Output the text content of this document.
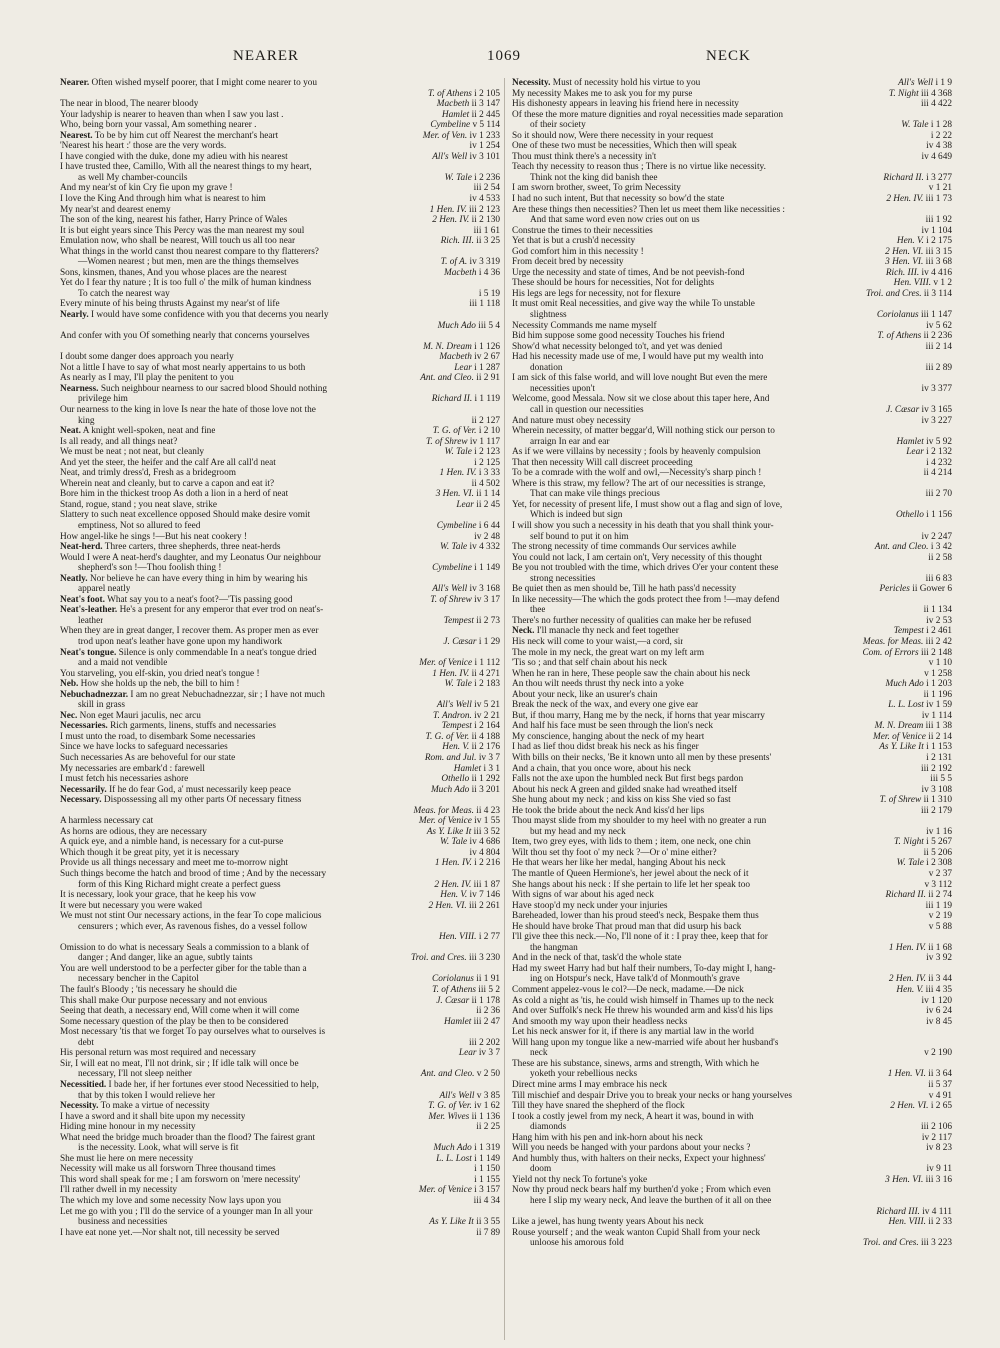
NEARER	1069	NECK
Nearer. Often wished myself poorer, that I might come nearer to you
T. of Athens i 2 105
The near in blood, The nearer bloody	Macbeth ii 3 147
Your ladyship is nearer to heaven than when I saw you last .	Hamlet ii 2 445
Who, being born your vassal, Am something nearer .	Cymbeline v 5 114
Nearest. To be by him cut off Nearest the merchant's heart	Mer. of Ven. iv 1 233
'Nearest his heart :' those are the very words.	iv 1 254
I have congied with the duke, done my adieu with his nearest	All's Well iv 3 101
I have trusted thee, Camillo, With all the nearest things to my heart,
as well My chamber-councils	W. Tale i 2 236
And my near'st of kin Cry fie upon my grave !	iii 2 54
I love the King And through him what is nearest to him	iv 4 533
My near'st and dearest enemy	1 Hen. IV. iii 2 123
The son of the king, nearest his father, Harry Prince of Wales	2 Hen. IV. ii 2 130
It is but eight years since This Percy was the man nearest my soul	iii 1 61
Emulation now, who shall be nearest, Will touch us all too near	Rich. III. ii 3 25
What things in the world canst thou nearest compare to thy flatterers?
—Women nearest ; but men, men are the things themselves	T. of A. iv 3 319
Sons, kinsmen, thanes, And you whose places are the nearest	Macbeth i 4 36
Yet do I fear thy nature ; It is too full o' the milk of human kindness
To catch the nearest way	i 5 19
Every minute of his being thrusts Against my near'st of life	iii 1 118
Nearly. I would have some confidence with you that decerns you nearly
Much Ado iii 5 4
And confer with you Of something nearly that concerns yourselves
M. N. Dream i 1 126
I doubt some danger does approach you nearly	Macbeth iv 2 67
Not a little I have to say of what most nearly appertains to us both	Lear i 1 287
As nearly as I may, I'll play the penitent to you	Ant. and Cleo. ii 2 91
Nearness. Such neighbour nearness to our sacred blood Should nothing
privilege him	Richard II. i 1 119
Our nearness to the king in love Is near the hate of those love not the
king	ii 2 127
Neat. A knight well-spoken, neat and fine	T. G. of Ver. i 2 10
Is all ready, and all things neat?	T. of Shrew iv 1 117
We must be neat ; not neat, but cleanly	W. Tale i 2 123
And yet the steer, the heifer and the calf Are all call'd neat	i 2 125
Neat, and trimly dress'd, Fresh as a bridegroom	1 Hen. IV. i 3 33
Wherein neat and cleanly, but to carve a capon and eat it?	ii 4 502
Bore him in the thickest troop As doth a lion in a herd of neat	3 Hen. VI. ii 1 14
Stand, rogue, stand ; you neat slave, strike	Lear ii 2 45
Slattery to such neat excellence opposed Should make desire vomit
emptiness, Not so allured to feed	Cymbeline i 6 44
How angel-like he sings !—But his neat cookery !	iv 2 48
Neat-herd. Three carters, three shepherds, three neat-herds	W. Tale iv 4 332
Would I were A neat-herd's daughter, and my Leonatus Our neighbour
shepherd's son !—Thou foolish thing !	Cymbeline i 1 149
Neatly. Nor believe he can have every thing in him by wearing his
apparel neatly	All's Well iv 3 168
Neat's foot. What say you to a neat's foot?—'Tis passing good	T. of Shrew iv 3 17
Neat's-leather. He's a present for any emperor that ever trod on neat's-
leather	Tempest ii 2 73
When they are in great danger, I recover them. As proper men as ever
trod upon neat's leather have gone upon my handiwork	J. Cæsar i 1 29
Neat's tongue. Silence is only commendable In a neat's tongue dried
and a maid not vendible	Mer. of Venice i 1 112
You starveling, you elf-skin, you dried neat's tongue !	1 Hen. IV. ii 4 271
Neb. How she holds up the neb, the bill to him !	W. Tale i 2 183
Nebuchadnezzar. I am no great Nebuchadnezzar, sir ; I have not much
skill in grass	All's Well iv 5 21
Nec. Non eget Mauri jaculis, nec arcu	T. Andron. iv 2 21
Necessaries. Rich garments, linens, stuffs and necessaries	Tempest i 2 164
I must unto the road, to disembark Some necessaries	T. G. of Ver. ii 4 188
Since we have locks to safeguard necessaries	Hen. V. ii 2 176
Such necessaries As are behoveful for our state	Rom. and Jul. iv 3 7
My necessaries are embark'd : farewell	Hamlet i 3 1
I must fetch his necessaries ashore	Othello ii 1 292
Necessarily. If he do fear God, a' must necessarily keep peace	Much Ado ii 3 201
Necessary. Dispossessing all my other parts Of necessary fitness
Meas. for Meas. ii 4 23
A harmless necessary cat	Mer. of Venice iv 1 55
As horns are odious, they are necessary	As Y. Like It iii 3 52
A quick eye, and a nimble hand, is necessary for a cut-purse	W. Tale iv 4 686
Which though it be great pity, yet it is necessary	iv 4 804
Provide us all things necessary and meet me to-morrow night	1 Hen. IV. i 2 216
Such things become the hatch and brood of time ; And by the necessary
form of this King Richard might create a perfect guess	2 Hen. IV. iii 1 87
It is necessary, look your grace, that he keep his vow	Hen. V. iv 7 146
It were but necessary you were waked	2 Hen. VI. iii 2 261
We must not stint Our necessary actions, in the fear To cope malicious
censurers ; which ever, As ravenous fishes, do a vessel follow
Hen. VIII. i 2 77
Omission to do what is necessary Seals a commission to a blank of
danger ; And danger, like an ague, subtly taints	Troi. and Cres. iii 3 230
You are well understood to be a perfecter giber for the table than a
necessary bencher in the Capitol	Coriolanus ii 1 91
The fault's Bloody ; 'tis necessary he should die	T. of Athens iii 5 2
This shall make Our purpose necessary and not envious	J. Cæsar ii 1 178
Seeing that death, a necessary end, Will come when it will come	ii 2 36
Some necessary question of the play be then to be considered	Hamlet iii 2 47
Most necessary 'tis that we forget To pay ourselves what to ourselves is
debt	iii 2 202
His personal return was most required and necessary	Lear iv 3 7
Sir, I will eat no meat, I'll not drink, sir ; If idle talk will once be
necessary, I'll not sleep neither	Ant. and Cleo. v 2 50
Necessitied. I bade her, if her fortunes ever stood Necessitied to help,
that by this token I would relieve her	All's Well v 3 85
Necessity. To make a virtue of necessity	T. G. of Ver. iv 1 62
I have a sword and it shall bite upon my necessity	Mer. Wives ii 1 136
Hiding mine honour in my necessity	ii 2 25
What need the bridge much broader than the flood? The fairest grant
is the necessity. Look, what will serve is fit	Much Ado i 1 319
She must lie here on mere necessity	L. L. Lost i 1 149
Necessity will make us all forsworn Three thousand times	i 1 150
This word shall speak for me ; I am forsworn on 'mere necessity'	i 1 155
I'll rather dwell in my necessity	Mer. of Venice i 3 157
The which my love and some necessity Now lays upon you	iii 4 34
Let me go with you ; I'll do the service of a younger man In all your
business and necessities	As Y. Like It ii 3 55
I have eat none yet.—Nor shalt not, till necessity be served	ii 7 89
Necessity. Must of necessity hold his virtue to you	All's Well i 1 9
My necessity Makes me to ask you for my purse	T. Night iii 4 368
His dishonesty appears in leaving his friend here in necessity	iii 4 422
Of these the more mature dignities and royal necessities made separation
of their society	W. Tale i 1 28
So it should now, Were there necessity in your request	i 2 22
One of these two must be necessities, Which then will speak	iv 4 38
Thou must think there's a necessity in't	iv 4 649
Teach thy necessity to reason thus ; There is no virtue like necessity.
Think not the king did banish thee	Richard II. i 3 277
I am sworn brother, sweet, To grim Necessity	v 1 21
I had no such intent, But that necessity so bow'd the state	2 Hen. IV. iii 1 73
Are these things then necessities? Then let us meet them like necessities :
And that same word even now cries out on us	iii 1 92
Construe the times to their necessities	iv 1 104
Yet that is but a crush'd necessity	Hen. V. i 2 175
God comfort him in this necessity !	2 Hen. VI. iii 3 15
From deceit bred by necessity	3 Hen. VI. iii 3 68
Urge the necessity and state of times, And be not peevish-fond	Rich. III. iv 4 416
These should be hours for necessities, Not for delights	Hen. VIII. v 1 2
His legs are legs for necessity, not for flexure	Troi. and Cres. ii 3 114
It must omit Real necessities, and give way the while To unstable
slightness	Coriolanus iii 1 147
Necessity Commands me name myself	iv 5 62
Bid him suppose some good necessity Touches his friend	T. of Athens ii 2 236
Show'd what necessity belonged to't, and yet was denied	iii 2 14
Had his necessity made use of me, I would have put my wealth into
donation	iii 2 89
I am sick of this false world, and will love nought But even the mere
necessities upon't	iv 3 377
Welcome, good Messala. Now sit we close about this taper here, And
call in question our necessities	J. Cæsar iv 3 165
And nature must obey necessity	iv 3 227
Wherein necessity, of matter beggar'd, Will nothing stick our person to
arraign In ear and ear	Hamlet iv 5 92
As if we were villains by necessity ; fools by heavenly compulsion	Lear i 2 132
That then necessity Will call discreet proceeding	i 4 232
To be a comrade with the wolf and owl,—Necessity's sharp pinch !	ii 4 214
Where is this straw, my fellow? The art of our necessities is strange,
That can make vile things precious	iii 2 70
Yet, for necessity of present life, I must show out a flag and sign of love,
Which is indeed but sign	Othello i 1 156
I will show you such a necessity in his death that you shall think your-
self bound to put it on him	iv 2 247
The strong necessity of time commands Our services awhile	Ant. and Cleo. i 3 42
You could not lack, I am certain on't, Very necessity of this thought	ii 2 58
Be you not troubled with the time, which drives O'er your content these
strong necessities	iii 6 83
Be quiet then as men should be, Till he hath pass'd necessity	Pericles ii Gower 6
In like necessity—The which the gods protect thee from !—may defend
thee	ii 1 134
There's no further necessity of qualities can make her be refused	iv 2 53
Neck. I'll manacle thy neck and feet together	Tempest i 2 461
His neck will come to your waist,—a cord, sir	Meas. for Meas. iii 2 42
The mole in my neck, the great wart on my left arm	Com. of Errors iii 2 148
'Tis so ; and that self chain about his neck	v 1 10
When he ran in here, These people saw the chain about his neck	v 1 258
An thou wilt needs thrust thy neck into a yoke	Much Ado i 1 203
About your neck, like an usurer's chain	ii 1 196
Break the neck of the wax, and every one give ear	L. L. Lost iv 1 59
But, if thou marry, Hang me by the neck, if horns that year miscarry	iv 1 114
And half his face must be seen through the lion's neck	M. N. Dream iii 1 38
My conscience, hanging about the neck of my heart	Mer. of Venice ii 2 14
I had as lief thou didst break his neck as his finger	As Y. Like It i 1 153
With bills on their necks, 'Be it known unto all men by these presents'	i 2 131
And a chain, that you once wore, about his neck	iii 2 192
Falls not the axe upon the humbled neck But first begs pardon	iii 5 5
About his neck A green and gilded snake had wreathed itself	iv 3 108
She hung about my neck ; and kiss on kiss She vied so fast	T. of Shrew ii 1 310
He took the bride about the neck And kiss'd her lips	iii 2 179
Thou mayst slide from my shoulder to my heel with no greater a run
but my head and my neck	iv 1 16
Item, two grey eyes, with lids to them ; item, one neck, one chin	T. Night i 5 267
Wilt thou set thy foot o' my neck ?—Or o' mine either?	ii 5 206
He that wears her like her medal, hanging About his neck	W. Tale i 2 308
The mantle of Queen Hermione's, her jewel about the neck of it	v 2 37
She hangs about his neck : If she pertain to life let her speak too	v 3 112
With signs of war about his aged neck	Richard II. ii 2 74
Have stoop'd my neck under your injuries	iii 1 19
Bareheaded, lower than his proud steed's neck, Bespake them thus	v 2 19
He should have broke That proud man that did usurp his back	v 5 88
I'll give thee this neck.—No, I'll none of it : I pray thee, keep that for
the hangman	1 Hen. IV. ii 1 68
And in the neck of that, task'd the whole state	iv 3 92
Had my sweet Harry had but half their numbers, To-day might I, hang-
ing on Hotspur's neck, Have talk'd of Monmouth's grave	2 Hen. IV. ii 3 44
Comment appelez-vous le col?—De neck, madame.—De nick	Hen. V. iii 4 35
As cold a night as 'tis, he could wish himself in Thames up to the neck	iv 1 120
And over Suffolk's neck He threw his wounded arm and kiss'd his lips	iv 6 24
And smooth my way upon their headless necks	iv 8 45
Let his neck answer for it, if there is any martial law in the world
Will hang upon my tongue like a new-married wife about her husband's
neck	v 2 190
These are his substance, sinews, arms and strength, With which he
yoketh your rebellious necks	1 Hen. VI. ii 3 64
Direct mine arms I may embrace his neck	ii 5 37
Till mischief and despair Drive you to break your necks or hang yourselves	v 4 91
Till they have snared the shepherd of the flock	2 Hen. VI. i 2 65
I took a costly jewel from my neck, A heart it was, bound in with
diamonds	iii 2 106
Hang him with his pen and ink-horn about his neck	iv 2 117
Will you needs be hanged with your pardons about your necks ?	iv 8 23
And humbly thus, with halters on their necks, Expect your highness'
doom	iv 9 11
Yield not thy neck To fortune's yoke	3 Hen. VI. iii 3 16
Now thy proud neck bears half my burthen'd yoke ; From which even
here I slip my weary neck, And leave the burthen of it all on thee
Richard III. iv 4 111
Like a jewel, has hung twenty years About his neck	Hen. VIII. ii 2 33
Rouse yourself ; and the weak wanton Cupid Shall from your neck
unloose his amorous fold	Troi. and Cres. iii 3 223
